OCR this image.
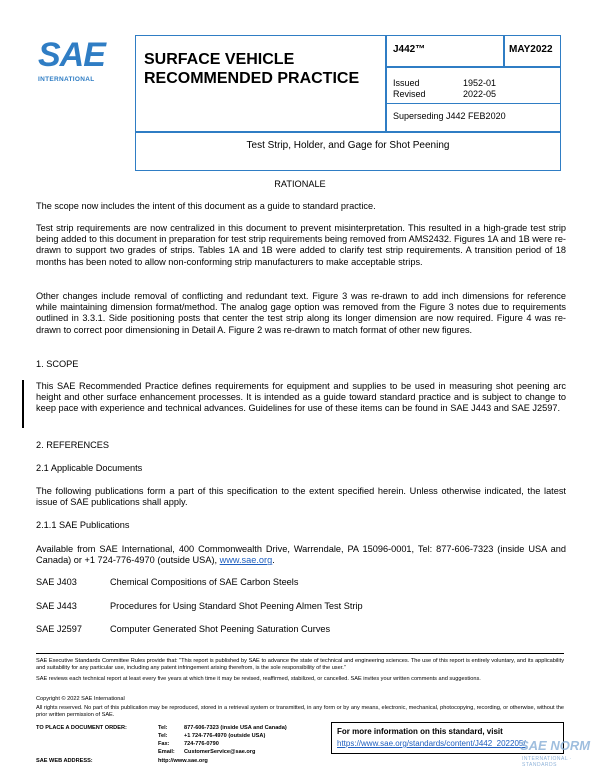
SAE
INTERNATIONAL
SURFACE VEHICLE
RECOMMENDED PRACTICE
J442™	MAY2022
Issued	1952-01
Revised	2022-05
Superseding J442 FEB2020
Test Strip, Holder, and Gage for Shot Peening
RATIONALE
The scope now includes the intent of this document as a guide to standard practice.
Test strip requirements are now centralized in this document to prevent misinterpretation. This resulted in a high-grade test strip being added to this document in preparation for test strip requirements being removed from AMS2432. Figures 1A and 1B were re-drawn to support two grades of strips. Tables 1A and 1B were added to clarify test strip requirements. A transition period of 18 months has been noted to allow non-conforming strip manufacturers to make acceptable strips.
Other changes include removal of conflicting and redundant text. Figure 3 was re-drawn to add inch dimensions for reference while maintaining dimension format/method. The analog gage option was removed from the Figure 3 notes due to requirements outlined in 3.3.1. Side positioning posts that center the test strip along its longer dimension are now required. Figure 4 was re-drawn to correct poor dimensioning in Detail A. Figure 2 was re-drawn to match format of other new figures.
1. SCOPE
This SAE Recommended Practice defines requirements for equipment and supplies to be used in measuring shot peening arc height and other surface enhancement processes. It is intended as a guide toward standard practice and is subject to change to keep pace with experience and technical advances. Guidelines for use of these items can be found in SAE J443 and SAE J2597.
2. REFERENCES
2.1 Applicable Documents
The following publications form a part of this specification to the extent specified herein. Unless otherwise indicated, the latest issue of SAE publications shall apply.
2.1.1 SAE Publications
Available from SAE International, 400 Commonwealth Drive, Warrendale, PA 15096-0001, Tel: 877-606-7323 (inside USA and Canada) or +1 724-776-4970 (outside USA), www.sae.org.
SAE J403	Chemical Compositions of SAE Carbon Steels
SAE J443	Procedures for Using Standard Shot Peening Almen Test Strip
SAE J2597	Computer Generated Shot Peening Saturation Curves
SAE Executive Standards Committee Rules provide that: “This report is published by SAE to advance the state of technical and engineering sciences. The use of this report is entirely voluntary, and its applicability and suitability for any particular use, including any patent infringement arising therefrom, is the sole responsibility of the user.”
SAE reviews each technical report at least every five years at which time it may be revised, reaffirmed, stabilized, or cancelled. SAE invites your written comments and suggestions.
Copyright © 2022 SAE International
All rights reserved. No part of this publication may be reproduced, stored in a retrieval system or transmitted, in any form or by any means, electronic, mechanical, photocopying, recording, or otherwise, without the prior written permission of SAE.
TO PLACE A DOCUMENT ORDER:	Tel:	877-606-7323 (inside USA and Canada)
Tel:	+1 724-776-4970 (outside USA)
Fax:	724-776-0790
Email: CustomerService@sae.org
SAE WEB ADDRESS:	http://www.sae.org
For more information on this standard, visit
https://www.sae.org/standards/content/J442_202205/
SAE NORM
INTERNATIONAL · STANDARDS
